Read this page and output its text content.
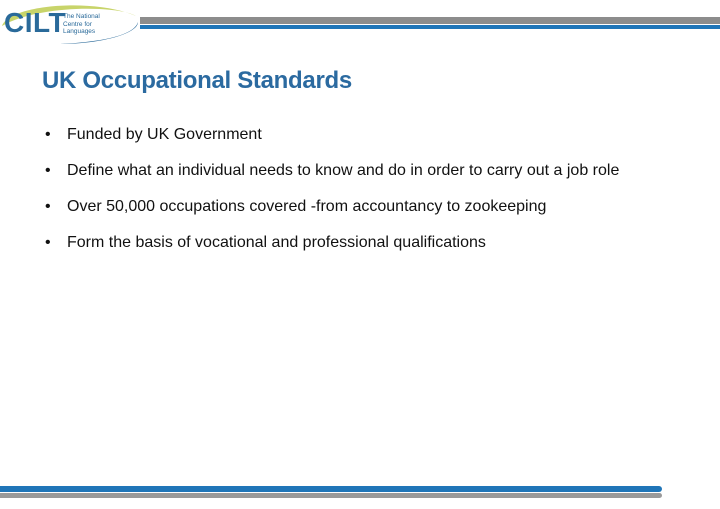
CILT
The National
Centre for
Languages
UK Occupational Standards
• Funded by UK Government
• Define what an individual needs to know and do in order to carry out a job role
• Over 50,000 occupations covered -from accountancy to zookeeping
• Form the basis of vocational and professional qualifications
